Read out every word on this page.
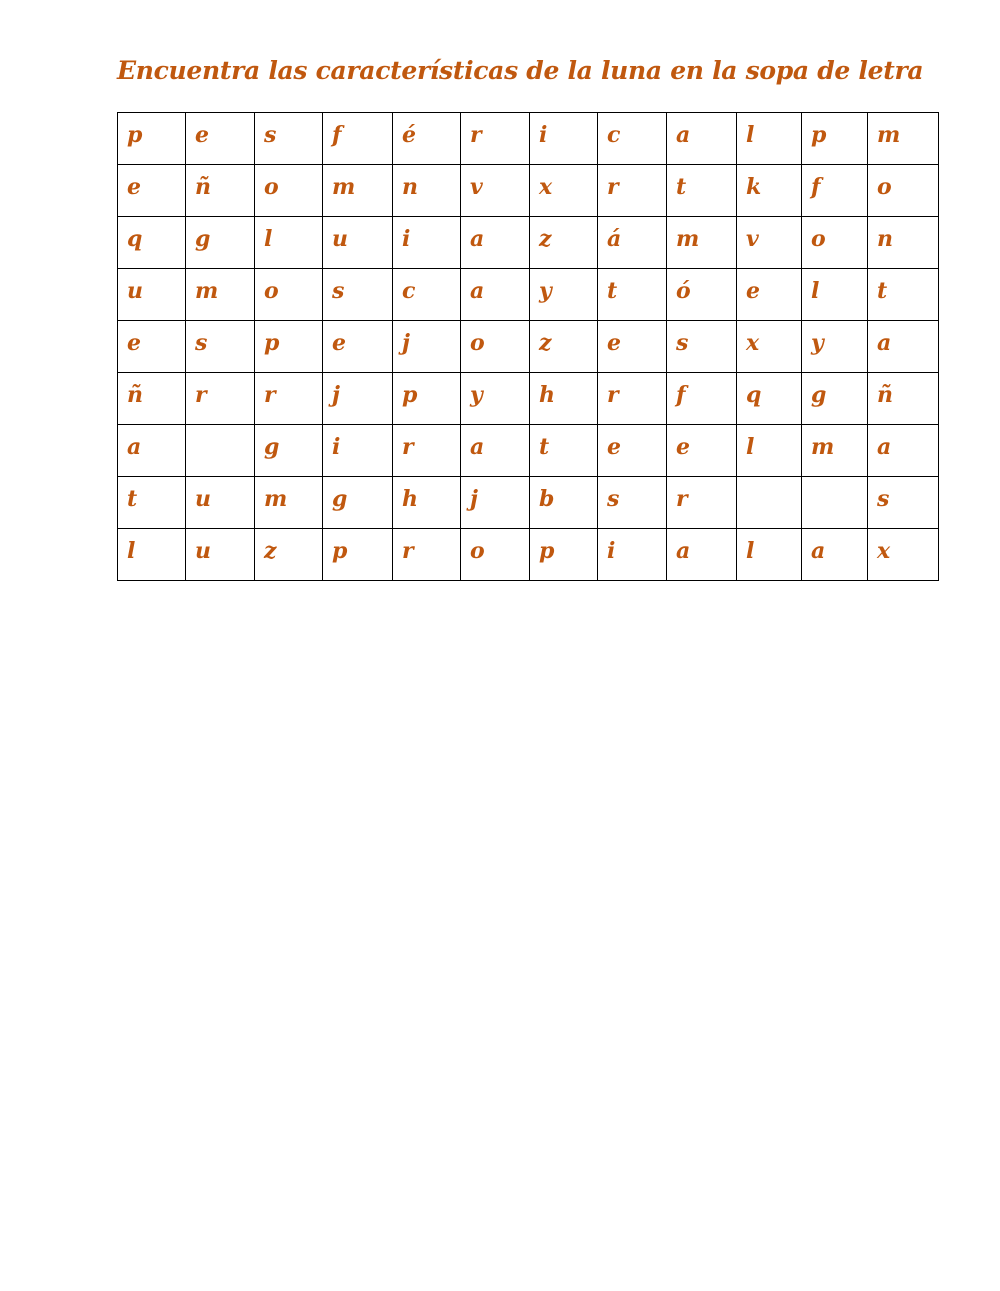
Encuentra las características de la luna en la sopa de letra
p	e	s	f	é	r	i	c	a	l	p	m
e	ñ	o	m	n	v	x	r	t	k	f	o
q	g	l	u	i	a	z	á	m	v	o	n
u	m	o	s	c	a	y	t	ó	e	l	t
e	s	p	e	j	o	z	e	s	x	y	a
ñ	r	r	j	p	y	h	r	f	q	g	ñ
a		g	i	r	a	t	e	e	l	m	a
t	u	m	g	h	j	b	s	r			s
l	u	z	p	r	o	p	i	a	l	a	x
